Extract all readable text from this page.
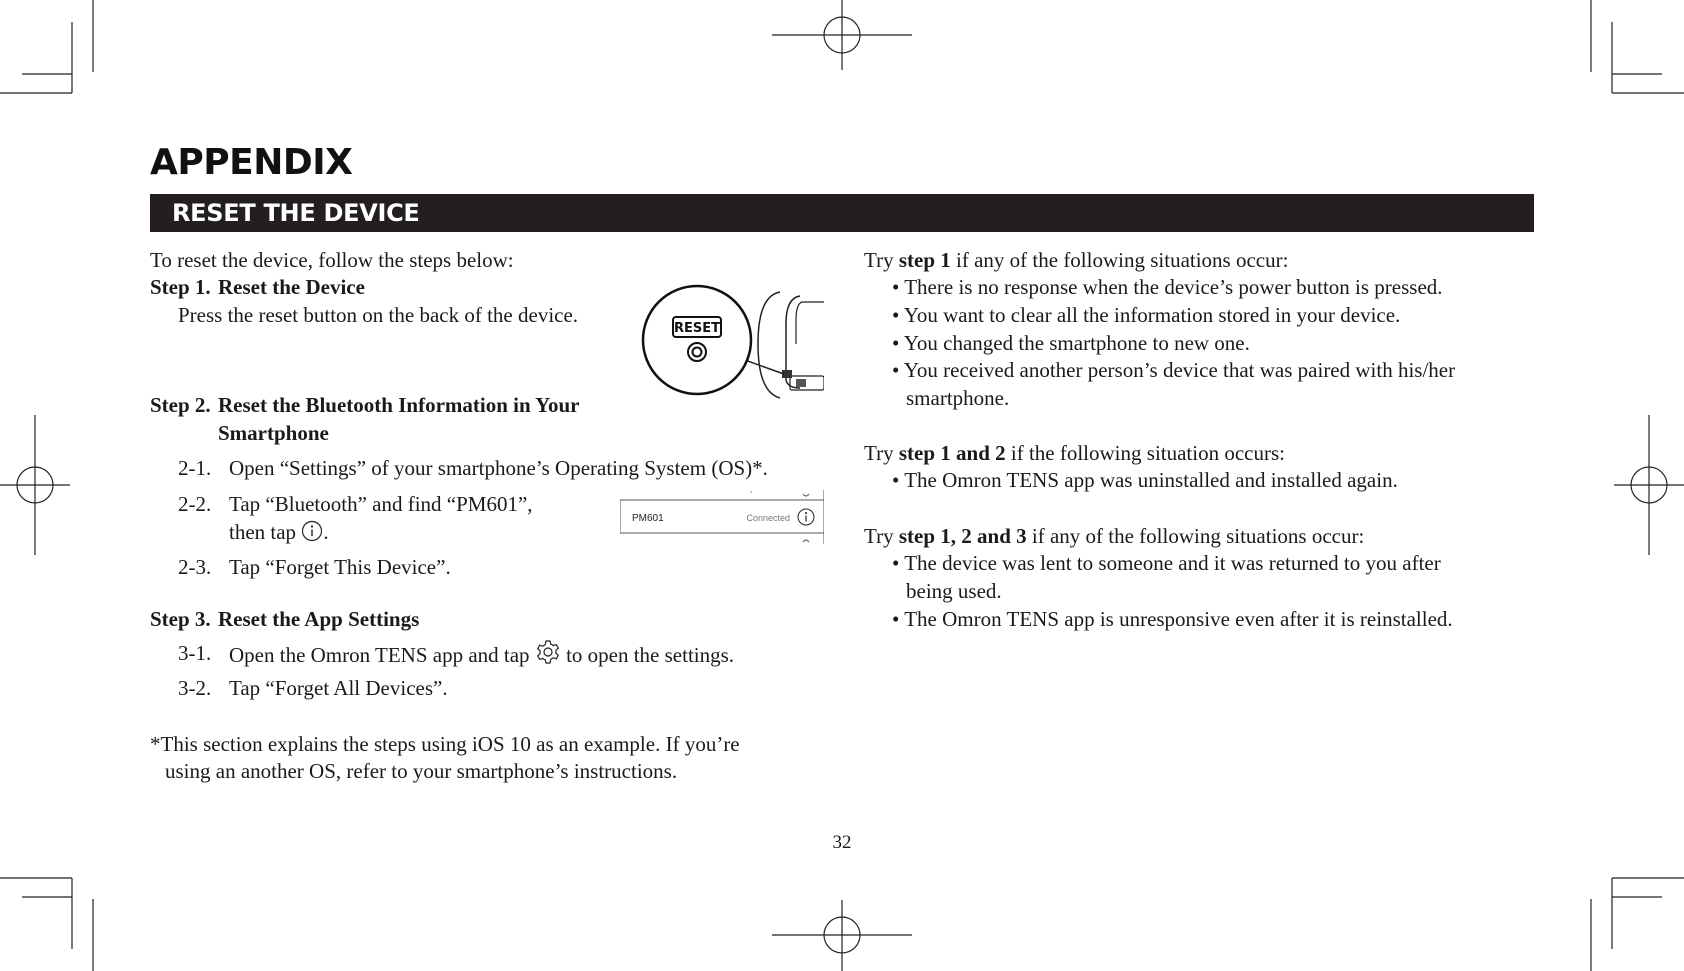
APPENDIX
RESET THE DEVICE
To reset the device, follow the steps below:
Step 1. Reset the Device
Press the reset button on the back of the device.
RESET
Step 2. Reset the Bluetooth Information in Your
Smartphone
2-1. Open “Settings” of your smartphone’s Operating System (OS)*.
2-2. Tap “Bluetooth” and find “PM601”,
then tap .
2-3. Tap “Forget This Device”.
PM601	Connected
Step 3. Reset the App Settings
3-1. Open the Omron TENS app and tap to open the settings.
3-2. Tap “Forget All Devices”.
*This section explains the steps using iOS 10 as an example. If you’re
using an another OS, refer to your smartphone’s instructions.
Try step 1 if any of the following situations occur:
• There is no response when the device’s power button is pressed.
• You want to clear all the information stored in your device.
• You changed the smartphone to new one.
• You received another person’s device that was paired with his/her
smartphone.
Try step 1 and 2 if the following situation occurs:
• The Omron TENS app was uninstalled and installed again.
Try step 1, 2 and 3 if any of the following situations occur:
• The device was lent to someone and it was returned to you after
being used.
• The Omron TENS app is unresponsive even after it is reinstalled.
32
